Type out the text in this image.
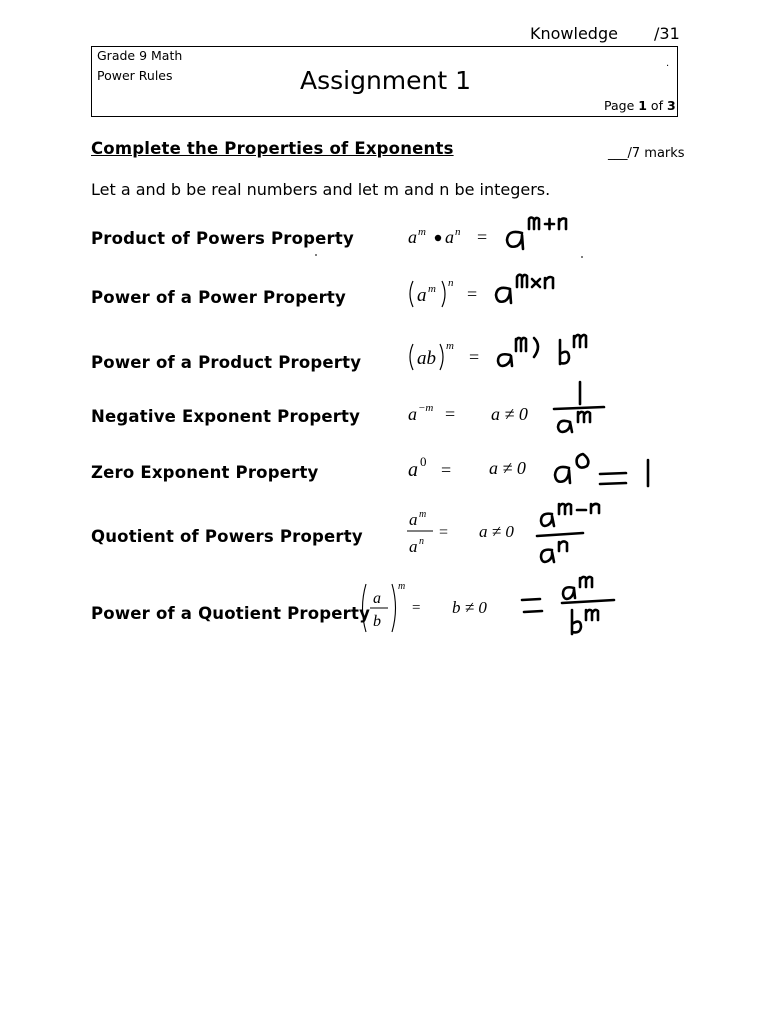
Knowledge /31
Grade 9 Math
Power Rules	Assignment 1
.
Page 1 of 3
Complete the Properties of Exponents	___/7 marks
Let a and b be real numbers and let m and n be integers.
Product of Powers Property
Power of a Power Property
Power of a Product Property
Negative Exponent Property
Zero Exponent Property
Quotient of Powers Property
Power of a Quotient Property
a m a n =
a m n
=
ab
m
=
a −m = a ≠ 0
a 0 = a ≠ 0
a m
a n
= a ≠ 0
a
b
m
= b ≠ 0
